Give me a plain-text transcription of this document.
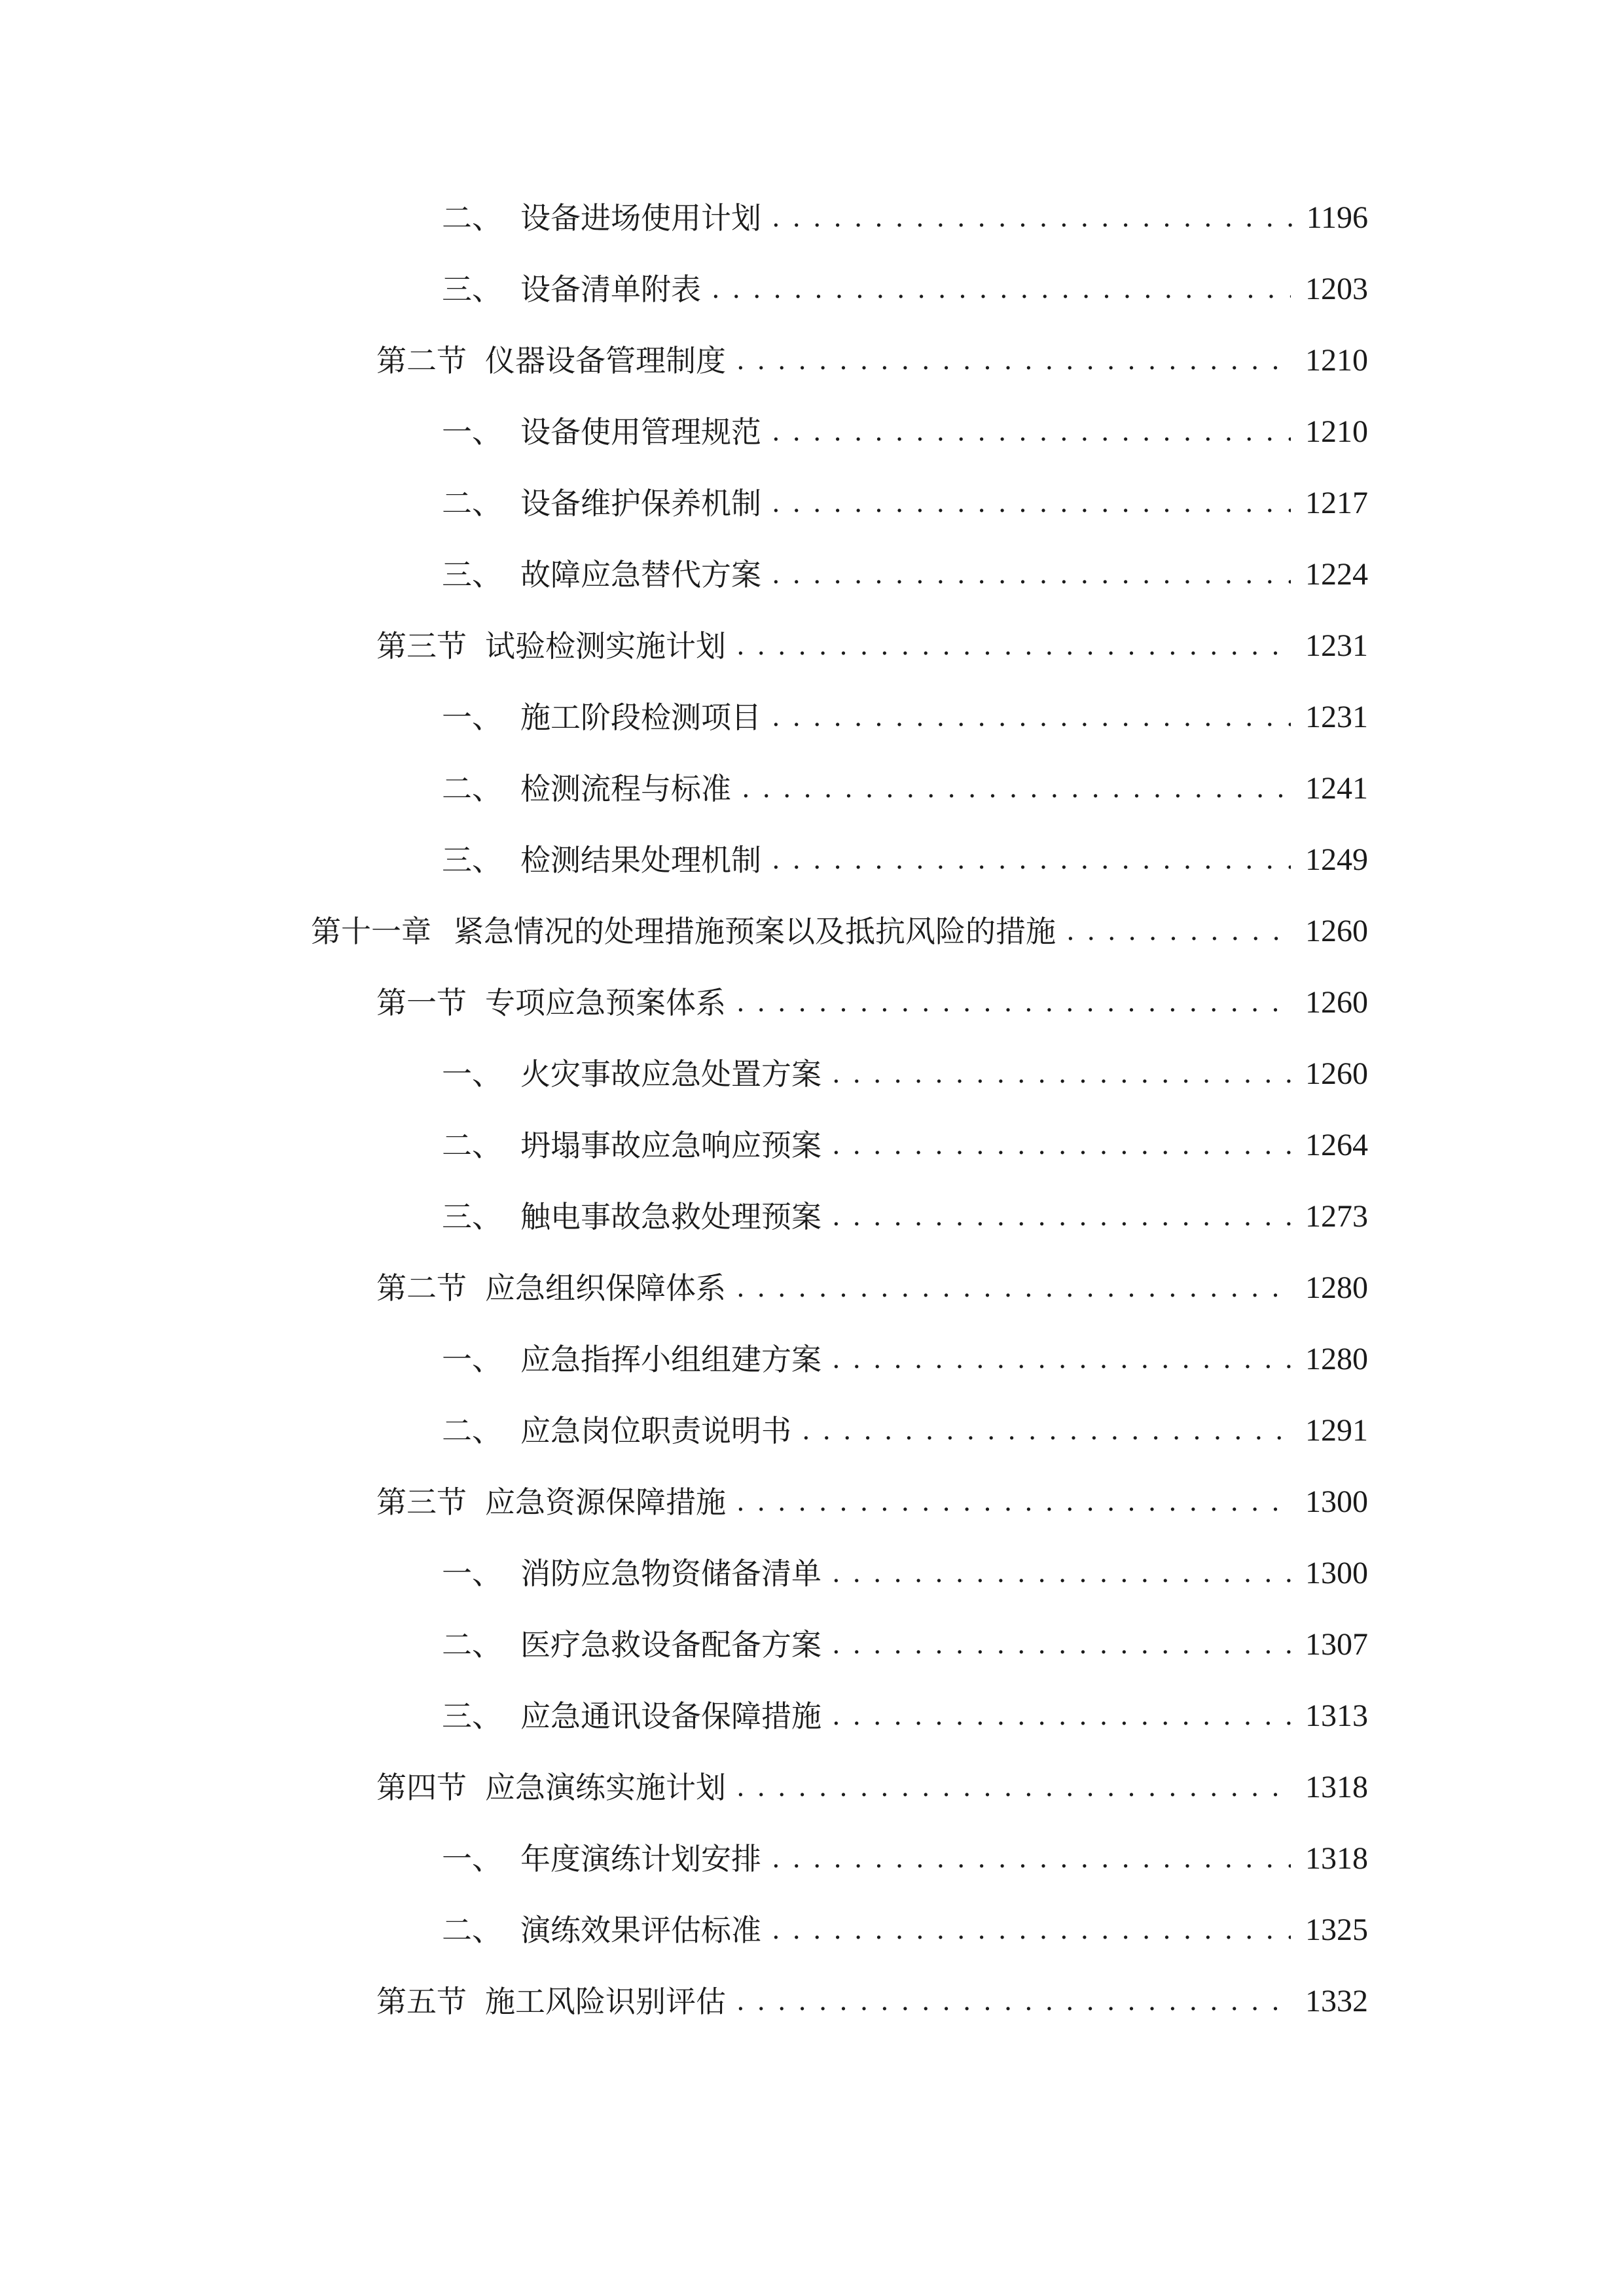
二、 设备进场使用计划 . . .	1196
三、 设备清单附表 . . .	1203
第二节 仪器设备管理制度 . . .	1210
一、 设备使用管理规范 . . .	1210
二、 设备维护保养机制 . . .	1217
三、 故障应急替代方案 . . .	1224
第三节 试验检测实施计划 . . .	1231
一、 施工阶段检测项目 . . .	1231
二、 检测流程与标准 . . .	1241
三、 检测结果处理机制 . . .	1249
第十一章 紧急情况的处理措施预案以及抵抗风险的措施 . . .	1260
第一节 专项应急预案体系 . . .	1260
一、 火灾事故应急处置方案 . . .	1260
二、 坍塌事故应急响应预案 . . .	1264
三、 触电事故急救处理预案 . . .	1273
第二节 应急组织保障体系 . . .	1280
一、 应急指挥小组组建方案 . . .	1280
二、 应急岗位职责说明书 . . .	1291
第三节 应急资源保障措施 . . .	1300
一、 消防应急物资储备清单 . . .	1300
二、 医疗急救设备配备方案 . . .	1307
三、 应急通讯设备保障措施 . . .	1313
第四节 应急演练实施计划 . . .	1318
一、 年度演练计划安排 . . .	1318
二、 演练效果评估标准 . . .	1325
第五节 施工风险识别评估 . . .	1332
